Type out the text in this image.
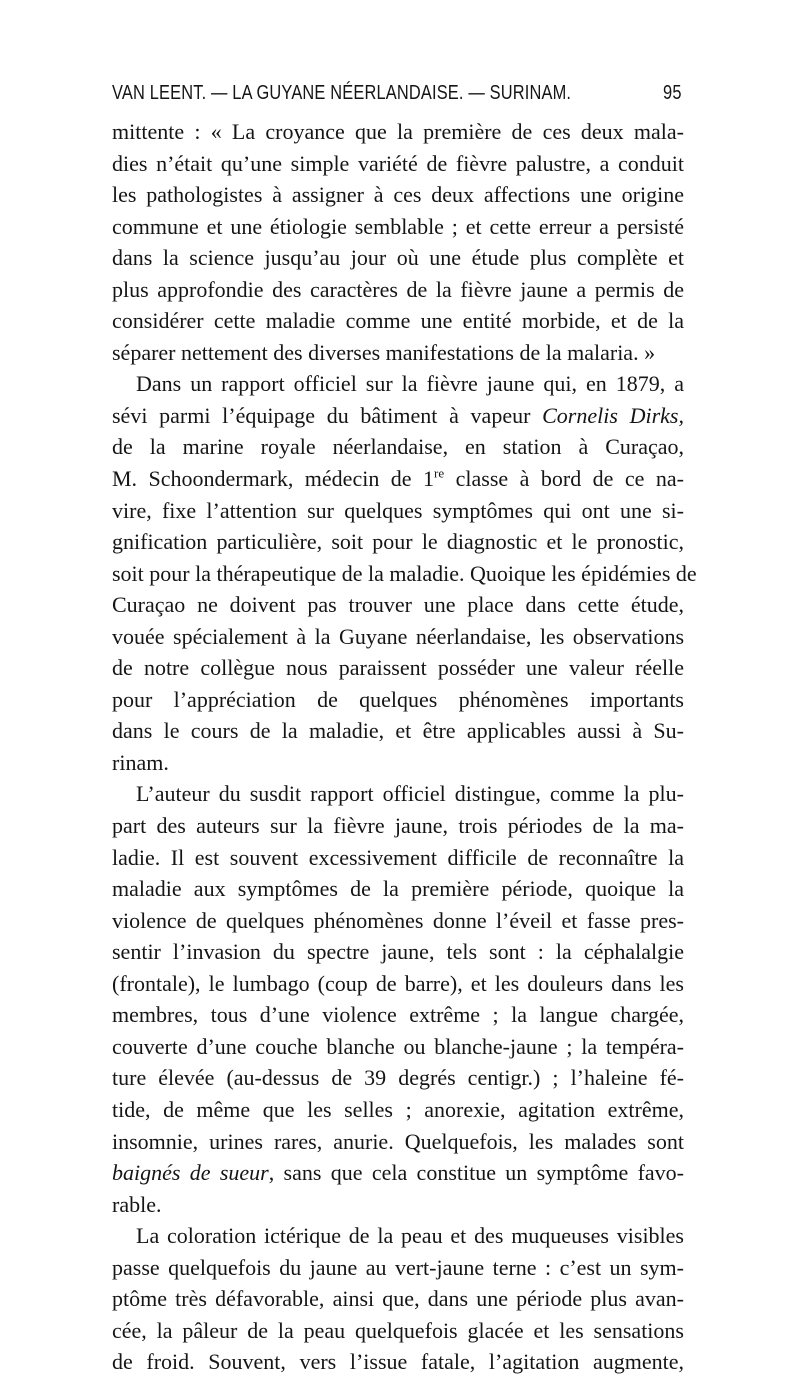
VAN LEENT. — LA GUYANE NÉERLANDAISE. — SURINAM.	95
mittente : « La croyance que la première de ces deux mala-
dies n’était qu’une simple variété de fièvre palustre, a conduit
les pathologistes à assigner à ces deux affections une origine
commune et une étiologie semblable ; et cette erreur a persisté
dans la science jusqu’au jour où une étude plus complète et
plus approfondie des caractères de la fièvre jaune a permis de
considérer cette maladie comme une entité morbide, et de la
séparer nettement des diverses manifestations de la malaria. »
Dans un rapport officiel sur la fièvre jaune qui, en 1879, a
sévi parmi l’équipage du bâtiment à vapeur Cornelis Dirks,
de la marine royale néerlandaise, en station à Curaçao,
M. Schoondermark, médecin de 1re classe à bord de ce na-
vire, fixe l’attention sur quelques symptômes qui ont une si-
gnification particulière, soit pour le diagnostic et le pronostic,
soit pour la thérapeutique de la maladie. Quoique les épidémies de
Curaçao ne doivent pas trouver une place dans cette étude,
vouée spécialement à la Guyane néerlandaise, les observations
de notre collègue nous paraissent posséder une valeur réelle
pour l’appréciation de quelques phénomènes importants
dans le cours de la maladie, et être applicables aussi à Su-
rinam.
L’auteur du susdit rapport officiel distingue, comme la plu-
part des auteurs sur la fièvre jaune, trois périodes de la ma-
ladie. Il est souvent excessivement difficile de reconnaître la
maladie aux symptômes de la première période, quoique la
violence de quelques phénomènes donne l’éveil et fasse pres-
sentir l’invasion du spectre jaune, tels sont : la céphalalgie
(frontale), le lumbago (coup de barre), et les douleurs dans les
membres, tous d’une violence extrême ; la langue chargée,
couverte d’une couche blanche ou blanche-jaune ; la tempéra-
ture élevée (au-dessus de 39 degrés centigr.) ; l’haleine fé-
tide, de même que les selles ; anorexie, agitation extrême,
insomnie, urines rares, anurie. Quelquefois, les malades sont
baignés de sueur, sans que cela constitue un symptôme favo-
rable.
La coloration ictérique de la peau et des muqueuses visibles
passe quelquefois du jaune au vert-jaune terne : c’est un sym-
ptôme très défavorable, ainsi que, dans une période plus avan-
cée, la pâleur de la peau quelquefois glacée et les sensations
de froid. Souvent, vers l’issue fatale, l’agitation augmente,
